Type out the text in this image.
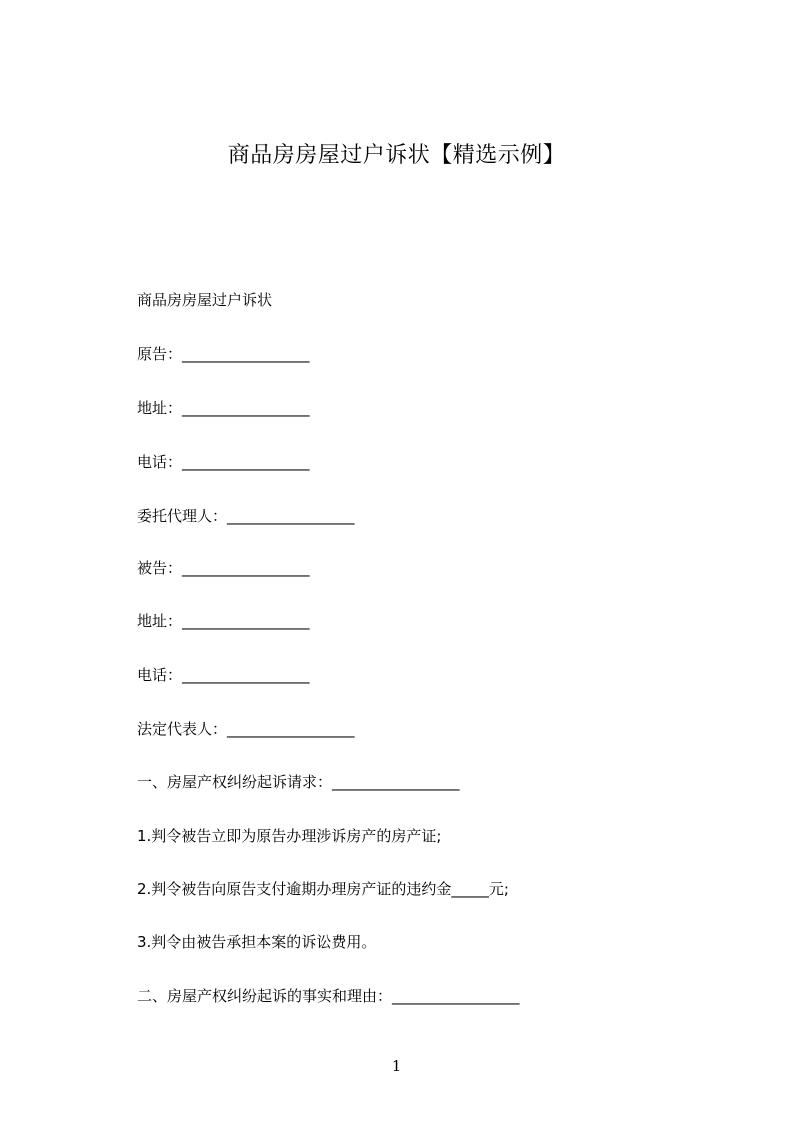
商品房房屋过户诉状【精选示例】
商品房房屋过户诉状
原告：_________________
地址：_________________
电话：_________________
委托代理人：_________________
被告：_________________
地址：_________________
电话：_________________
法定代表人：_________________
一、房屋产权纠纷起诉请求：_________________
1.判令被告立即为原告办理涉诉房产的房产证;
2.判令被告向原告支付逾期办理房产证的违约金_____元;
3.判令由被告承担本案的诉讼费用。
二、房屋产权纠纷起诉的事实和理由：_________________
1
